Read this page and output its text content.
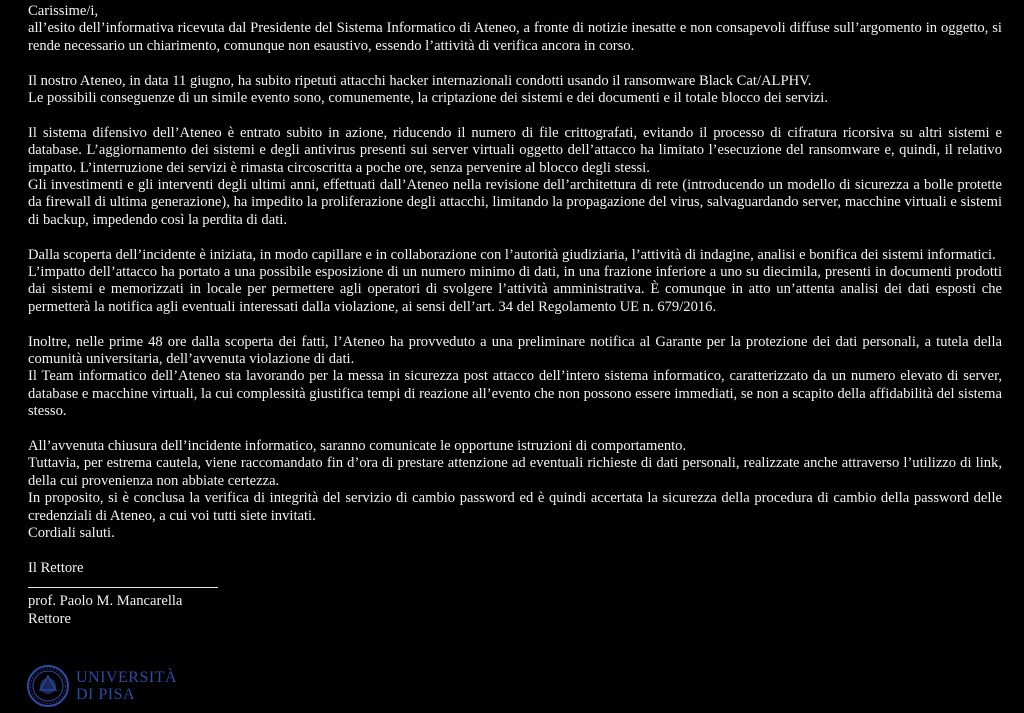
Carissime/i,
all’esito dell’informativa ricevuta dal Presidente del Sistema Informatico di Ateneo, a fronte di notizie inesatte e non consapevoli diffuse sull’argomento in oggetto, si rende necessario un chiarimento, comunque non esaustivo, essendo l’attività di verifica ancora in corso.
Il nostro Ateneo, in data 11 giugno, ha subito ripetuti attacchi hacker internazionali condotti usando il ransomware Black Cat/ALPHV.
Le possibili conseguenze di un simile evento sono, comunemente, la criptazione dei sistemi e dei documenti e il totale blocco dei servizi.
Il sistema difensivo dell’Ateneo è entrato subito in azione, riducendo il numero di file crittografati, evitando il processo di cifratura ricorsiva su altri sistemi e database. L’aggiornamento dei sistemi e degli antivirus presenti sui server virtuali oggetto dell’attacco ha limitato l’esecuzione del ransomware e, quindi, il relativo impatto. L’interruzione dei servizi è rimasta circoscritta a poche ore, senza pervenire al blocco degli stessi.
Gli investimenti e gli interventi degli ultimi anni, effettuati dall’Ateneo nella revisione dell’architettura di rete (introducendo un modello di sicurezza a bolle protette da firewall di ultima generazione), ha impedito la proliferazione degli attacchi, limitando la propagazione del virus, salvaguardando server, macchine virtuali e sistemi di backup, impedendo così la perdita di dati.
Dalla scoperta dell’incidente è iniziata, in modo capillare e in collaborazione con l’autorità giudiziaria, l’attività di indagine, analisi e bonifica dei sistemi informatici.
L’impatto dell’attacco ha portato a una possibile esposizione di un numero minimo di dati, in una frazione inferiore a uno su diecimila, presenti in documenti prodotti dai sistemi e memorizzati in locale per permettere agli operatori di svolgere l’attività amministrativa. È comunque in atto un’attenta analisi dei dati esposti che permetterà la notifica agli eventuali interessati dalla violazione, ai sensi dell’art. 34 del Regolamento UE n. 679/2016.
Inoltre, nelle prime 48 ore dalla scoperta dei fatti, l’Ateneo ha provveduto a una preliminare notifica al Garante per la protezione dei dati personali, a tutela della comunità universitaria, dell’avvenuta violazione di dati.
Il Team informatico dell’Ateneo sta lavorando per la messa in sicurezza post attacco dell’intero sistema informatico, caratterizzato da un numero elevato di server, database e macchine virtuali, la cui complessità giustifica tempi di reazione all’evento che non possono essere immediati, se non a scapito della affidabilità del sistema stesso.
All’avvenuta chiusura dell’incidente informatico, saranno comunicate le opportune istruzioni di comportamento.
Tuttavia, per estrema cautela, viene raccomandato fin d’ora di prestare attenzione ad eventuali richieste di dati personali, realizzate anche attraverso l’utilizzo di link, della cui provenienza non abbiate certezza.
In proposito, si è conclusa la verifica di integrità del servizio di cambio password ed è quindi accertata la sicurezza della procedura di cambio della password delle credenziali di Ateneo, a cui voi tutti siete invitati.
Cordiali saluti.
Il Rettore
prof. Paolo M. Mancarella
Rettore
UNIVERSITÀ
DI PISA
